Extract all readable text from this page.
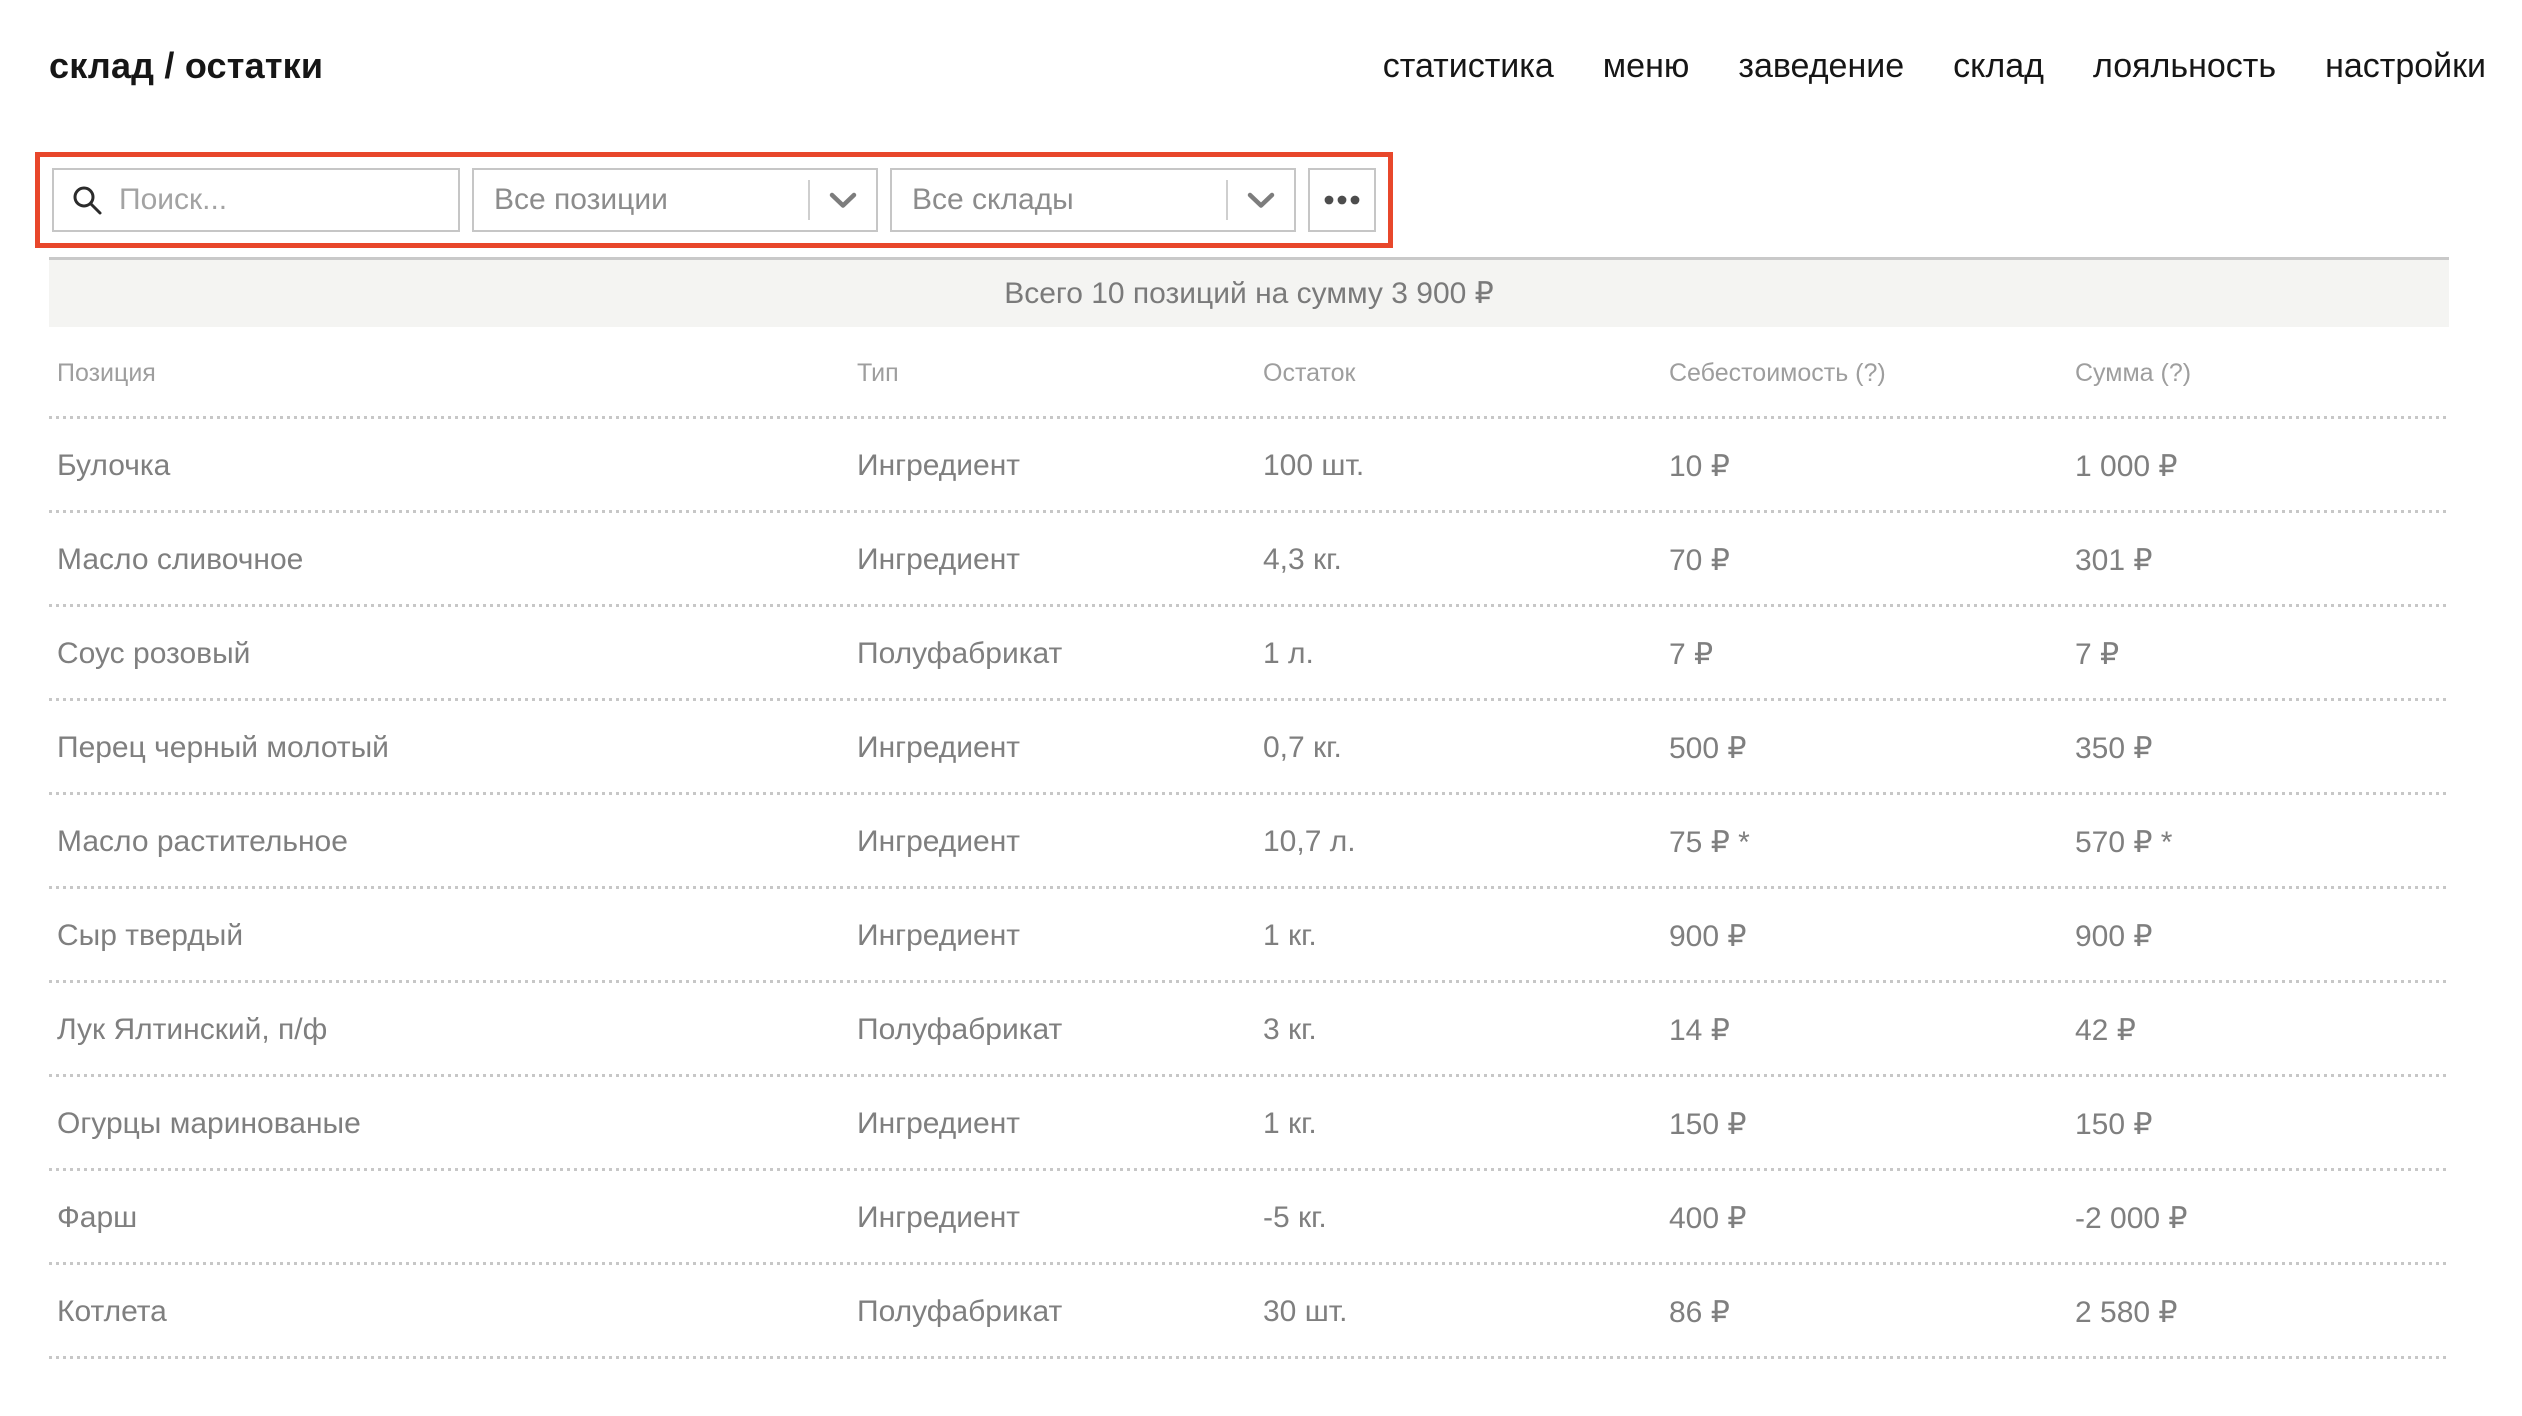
склад / остатки	статистика меню заведение склад лояльность настройки
Поиск...
Все позиции	Все склады
Всего 10 позиций на сумму 3 900 ₽
Позиция	Тип	Остаток	Себестоимость (?)	Сумма (?)
Булочка	Ингредиент	100 шт.	10 ₽	1 000 ₽
Масло сливочное	Ингредиент	4,3 кг.	70 ₽	301 ₽
Соус розовый	Полуфабрикат	1 л.	7 ₽	7 ₽
Перец черный молотый	Ингредиент	0,7 кг.	500 ₽	350 ₽
Масло растительное	Ингредиент	10,7 л.	75 ₽ *	570 ₽ *
Сыр твердый	Ингредиент	1 кг.	900 ₽	900 ₽
Лук Ялтинский, п/ф	Полуфабрикат	3 кг.	14 ₽	42 ₽
Огурцы маринованые	Ингредиент	1 кг.	150 ₽	150 ₽
Фарш	Ингредиент	-5 кг.	400 ₽	-2 000 ₽
Котлета	Полуфабрикат	30 шт.	86 ₽	2 580 ₽
